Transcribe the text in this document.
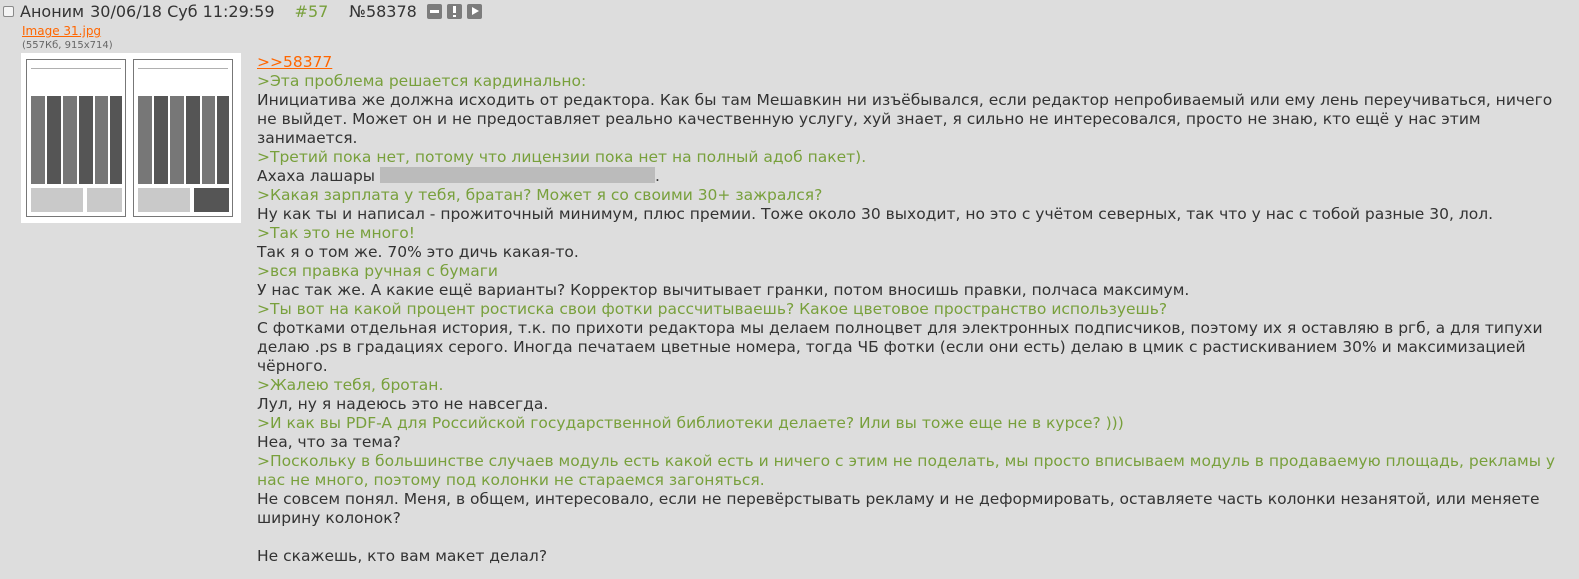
Аноним 30/06/18 Суб 11:29:59 #57 №58378
Image 31.jpg
(557Кб, 915x714)
>>58377
>Эта проблема решается кардинально:
Инициатива же должна исходить от редактора. Как бы там Мешавкин ни изъёбывался, если редактор непробиваемый или ему лень переучиваться, ничего не выйдет. Может он и не предоставляет реально качественную услугу, хуй знает, я сильно не интересовался, просто не знаю, кто ещё у нас этим занимается.
>Третий пока нет, потому что лицензии пока нет на полный адоб пакет).
Ахаха лашары	.
>Какая зарплата у тебя, братан? Может я со своими 30+ зажрался?
Ну как ты и написал - прожиточный минимум, плюс премии. Тоже около 30 выходит, но это с учётом северных, так что у нас с тобой разные 30, лол.
>Так это не много!
Так я о том же. 70% это дичь какая-то.
>вся правка ручная с бумаги
У нас так же. А какие ещё варианты? Корректор вычитывает гранки, потом вносишь правки, полчаса максимум.
>Ты вот на какой процент ростиска свои фотки рассчитываешь? Какое цветовое пространство используешь?
С фотками отдельная история, т.к. по прихоти редактора мы делаем полноцвет для электронных подписчиков, поэтому их я оставляю в ргб, а для типухи делаю .ps в градациях серого. Иногда печатаем цветные номера, тогда ЧБ фотки (если они есть) делаю в цмик с растискиванием 30% и максимизацией чёрного.
>Жалею тебя, бротан.
Лул, ну я надеюсь это не навсегда.
>И как вы PDF-A для Российской государственной библиотеки делаете? Или вы тоже еще не в курсе? )))
Неа, что за тема?
>Поскольку в большинстве случаев модуль есть какой есть и ничего с этим не поделать, мы просто вписываем модуль в продаваемую площадь, рекламы у нас не много, поэтому под колонки не стараемся загоняться.
Не совсем понял. Меня, в общем, интересовало, если не перевёрстывать рекламу и не деформировать, оставляете часть колонки незанятой, или меняете ширину колонок?
Не скажешь, кто вам макет делал?
